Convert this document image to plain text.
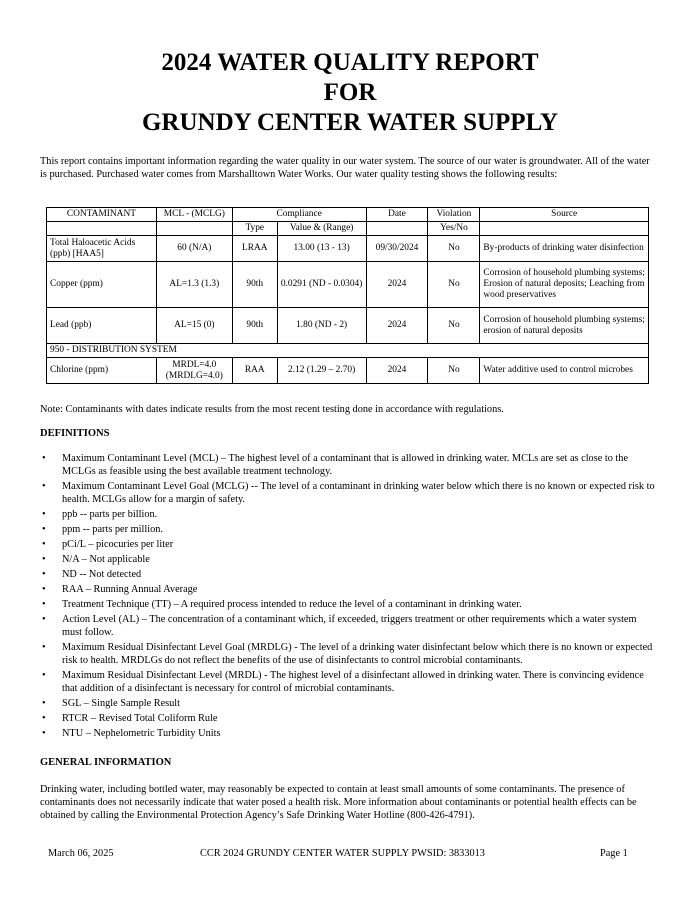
2024 WATER QUALITY REPORT
FOR
GRUNDY CENTER WATER SUPPLY
This report contains important information regarding the water quality in our water system. The source of our water is groundwater. All of the water is purchased. Purchased water comes from Marshalltown Water Works. Our water quality testing shows the following results:
CONTAMINANT	MCL - (MCLG)	Compliance		Date	Violation	Source
		Type	Value & (Range)		Yes/No	
Total Haloacetic Acids (ppb) [HAA5]	60 (N/A)	LRAA	13.00 (13 - 13)	09/30/2024	No	By-products of drinking water disinfection
Copper (ppm)	AL=1.3 (1.3)	90th	0.0291 (ND - 0.0304)	2024	No	Corrosion of household plumbing systems; Erosion of natural deposits; Leaching from wood preservatives
Lead (ppb)	AL=15 (0)	90th	1.80 (ND - 2)	2024	No	Corrosion of household plumbing systems; erosion of natural deposits
950 - DISTRIBUTION SYSTEM						
Chlorine (ppm)	MRDL=4.0 (MRDLG=4.0)	RAA	2.12 (1.29 – 2.70)	2024	No	Water additive used to control microbes
Note: Contaminants with dates indicate results from the most recent testing done in accordance with regulations.
DEFINITIONS
• Maximum Contaminant Level (MCL) – The highest level of a contaminant that is allowed in drinking water. MCLs are set as close to the MCLGs as feasible using the best available treatment technology.
• Maximum Contaminant Level Goal (MCLG) -- The level of a contaminant in drinking water below which there is no known or expected risk to health. MCLGs allow for a margin of safety.
• ppb -- parts per billion.
• ppm -- parts per million.
• pCi/L – picocuries per liter
• N/A – Not applicable
• ND -- Not detected
• RAA – Running Annual Average
• Treatment Technique (TT) – A required process intended to reduce the level of a contaminant in drinking water.
• Action Level (AL) – The concentration of a contaminant which, if exceeded, triggers treatment or other requirements which a water system must follow.
• Maximum Residual Disinfectant Level Goal (MRDLG) - The level of a drinking water disinfectant below which there is no known or expected risk to health. MRDLGs do not reflect the benefits of the use of disinfectants to control microbial contaminants.
• Maximum Residual Disinfectant Level (MRDL) - The highest level of a disinfectant allowed in drinking water. There is convincing evidence that addition of a disinfectant is necessary for control of microbial contaminants.
• SGL – Single Sample Result
• RTCR – Revised Total Coliform Rule
• NTU – Nephelometric Turbidity Units
GENERAL INFORMATION
Drinking water, including bottled water, may reasonably be expected to contain at least small amounts of some contaminants. The presence of contaminants does not necessarily indicate that water posed a health risk. More information about contaminants or potential health effects can be obtained by calling the Environmental Protection Agency’s Safe Drinking Water Hotline (800-426-4791).
March 06, 2025	CCR 2024 GRUNDY CENTER WATER SUPPLY PWSID: 3833013	Page 1
